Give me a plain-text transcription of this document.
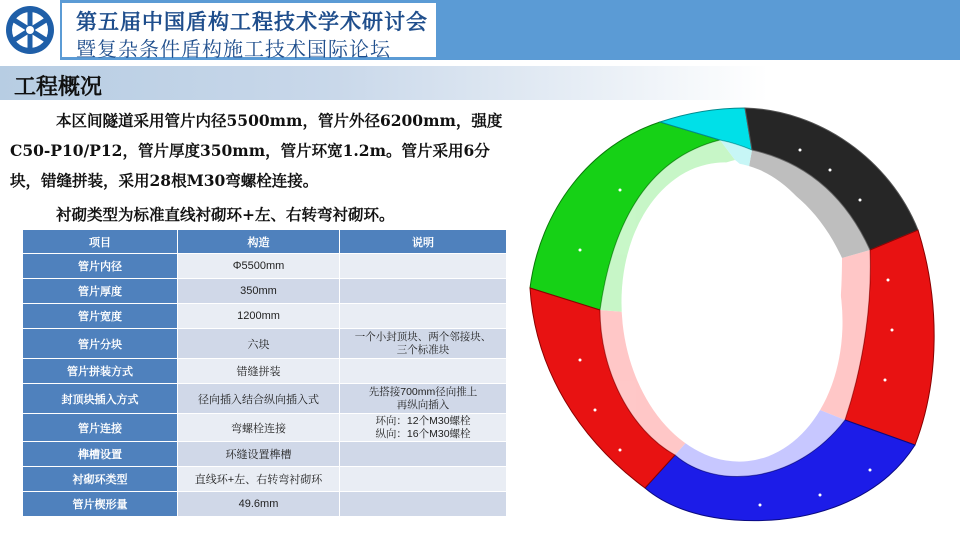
第五届中国盾构工程技术学术研讨会
暨复杂条件盾构施工技术国际论坛
工程概况
本区间隧道采用管片内径5500mm，管片外径6200mm，强度C50-P10/P12，管片厚度350mm，管片环宽1.2m。管片采用6分块，错缝拼装，采用28根M30弯螺栓连接。
衬砌类型为标准直线衬砌环+左、右转弯衬砌环。
项目	构造	说明
管片内径	Φ5500mm	
管片厚度	350mm	
管片宽度	1200mm	
管片分块	六块	一个小封顶块、两个邻接块、
三个标准块

管片拼装方式	错缝拼装	
封顶块插入方式	径向插入结合纵向插入式	先搭接700mm径向推上
再纵向插入

管片连接	弯螺栓连接	环向：12个M30螺栓
纵向：16个M30螺栓

榫槽设置	环缝设置榫槽	
衬砌环类型	直线环+左、右转弯衬砌环	
管片楔形量	49.6mm	
